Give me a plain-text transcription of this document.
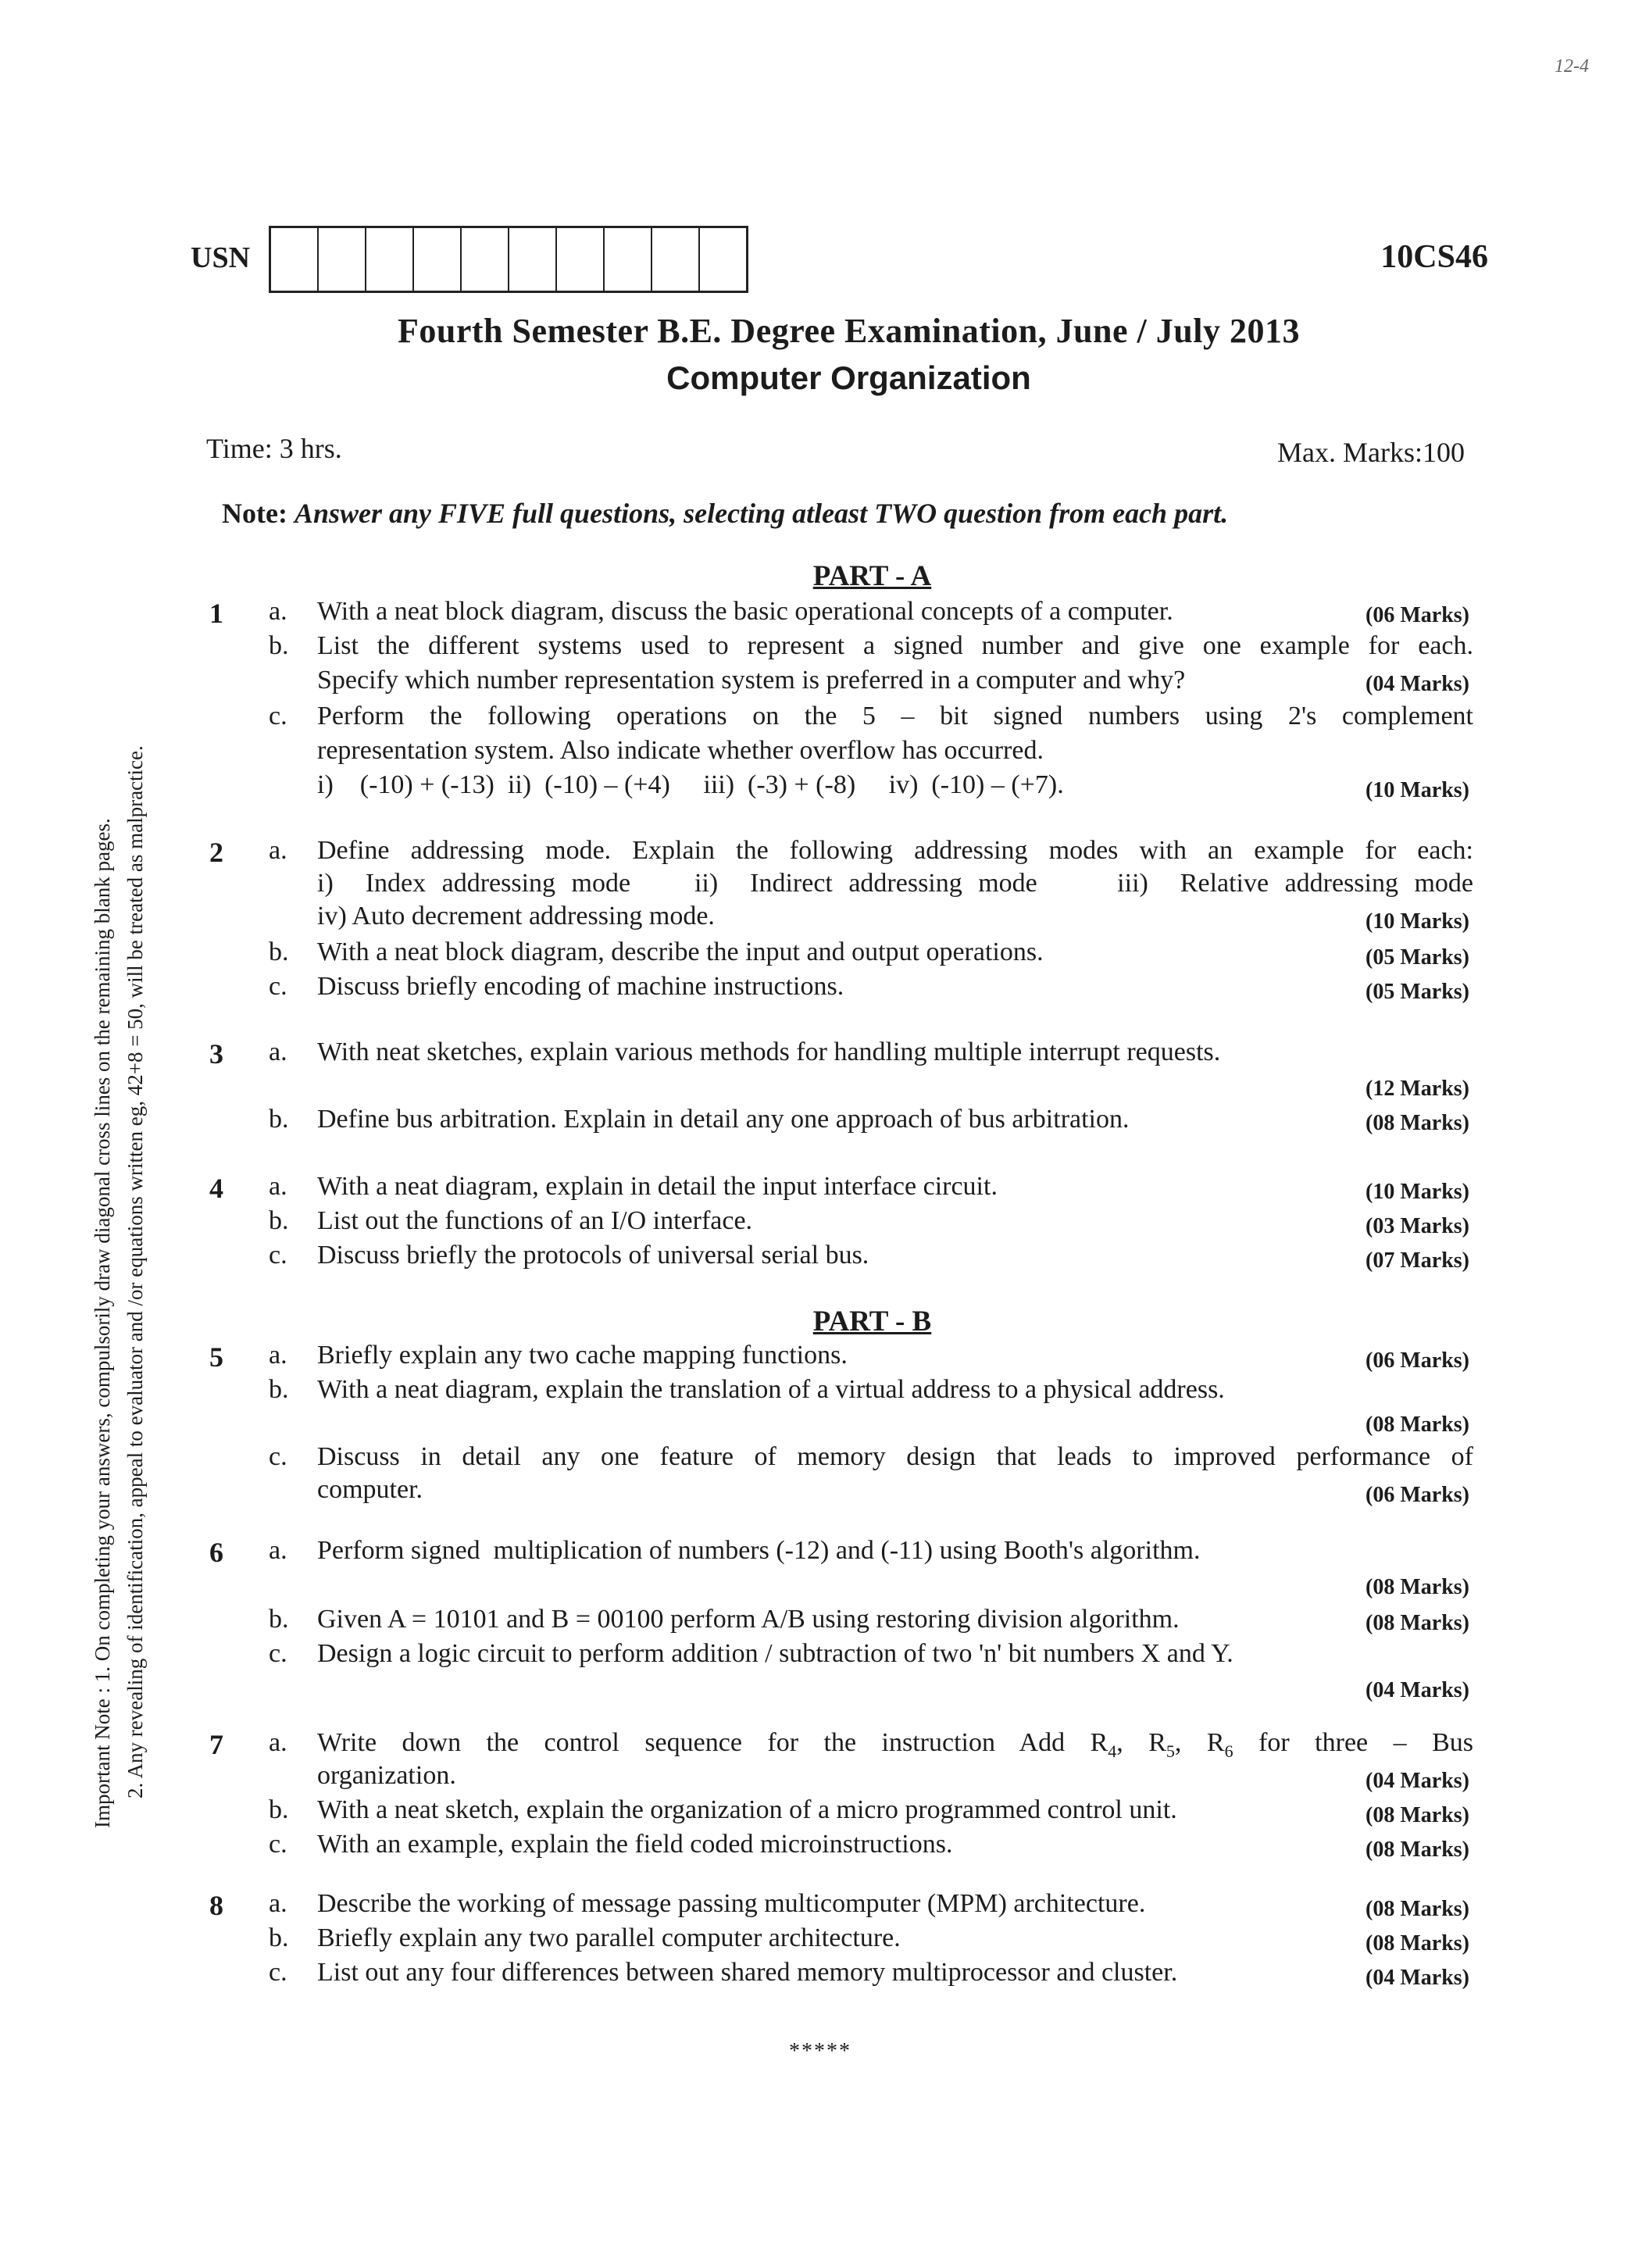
12-4
Important Note : 1. On completing your answers, compulsorily draw diagonal cross lines on the remaining blank pages. 2. Any revealing of identification, appeal to evaluator and /or equations written eg, 42+8 = 50, will be treated as malpractice.
USN	10CS46
Fourth Semester B.E. Degree Examination, June / July 2013
Computer Organization
Time: 3 hrs.	Max. Marks:100
Note: Answer any FIVE full questions, selecting atleast TWO question from each part.
PART - A
1 a. With a neat block diagram, discuss the basic operational concepts of a computer.	(06 Marks)
b. List the different systems used to represent a signed number and give one example for each.
Specify which number representation system is preferred in a computer and why?	(04 Marks)
c. Perform the following operations on the 5 – bit signed numbers using 2's complement
representation system. Also indicate whether overflow has occurred.
i)    (-10) + (-13)  ii)  (-10) – (+4)     iii)  (-3) + (-8)     iv)  (-10) – (+7).	(10 Marks)
2 a. Define addressing mode. Explain the following addressing modes with an example for each:
i)  Index addressing mode    ii)  Indirect addressing mode     iii)  Relative addressing mode
iv) Auto decrement addressing mode.	(10 Marks)
b. With a neat block diagram, describe the input and output operations.	(05 Marks)
c. Discuss briefly encoding of machine instructions.	(05 Marks)
3 a. With neat sketches, explain various methods for handling multiple interrupt requests.
(12 Marks)
b. Define bus arbitration. Explain in detail any one approach of bus arbitration.	(08 Marks)
4 a. With a neat diagram, explain in detail the input interface circuit.	(10 Marks)
b. List out the functions of an I/O interface.	(03 Marks)
c. Discuss briefly the protocols of universal serial bus.	(07 Marks)
PART - B
5 a. Briefly explain any two cache mapping functions.	(06 Marks)
b. With a neat diagram, explain the translation of a virtual address to a physical address.
(08 Marks)
c. Discuss in detail any one feature of memory design that leads to improved performance of
computer.	(06 Marks)
6 a. Perform signed  multiplication of numbers (-12) and (-11) using Booth's algorithm.
(08 Marks)
b. Given A = 10101 and B = 00100 perform A/B using restoring division algorithm.	(08 Marks)
c. Design a logic circuit to perform addition / subtraction of two 'n' bit numbers X and Y.
(04 Marks)
7 a. Write down the control sequence for the instruction Add $R_4$, $R_5$, $R_6$ for three – Bus
organization.	(04 Marks)
b. With a neat sketch, explain the organization of a micro programmed control unit.	(08 Marks)
c. With an example, explain the field coded microinstructions.	(08 Marks)
8 a. Describe the working of message passing multicomputer (MPM) architecture.	(08 Marks)
b. Briefly explain any two parallel computer architecture.	(08 Marks)
c. List out any four differences between shared memory multiprocessor and cluster.	(04 Marks)
*****
